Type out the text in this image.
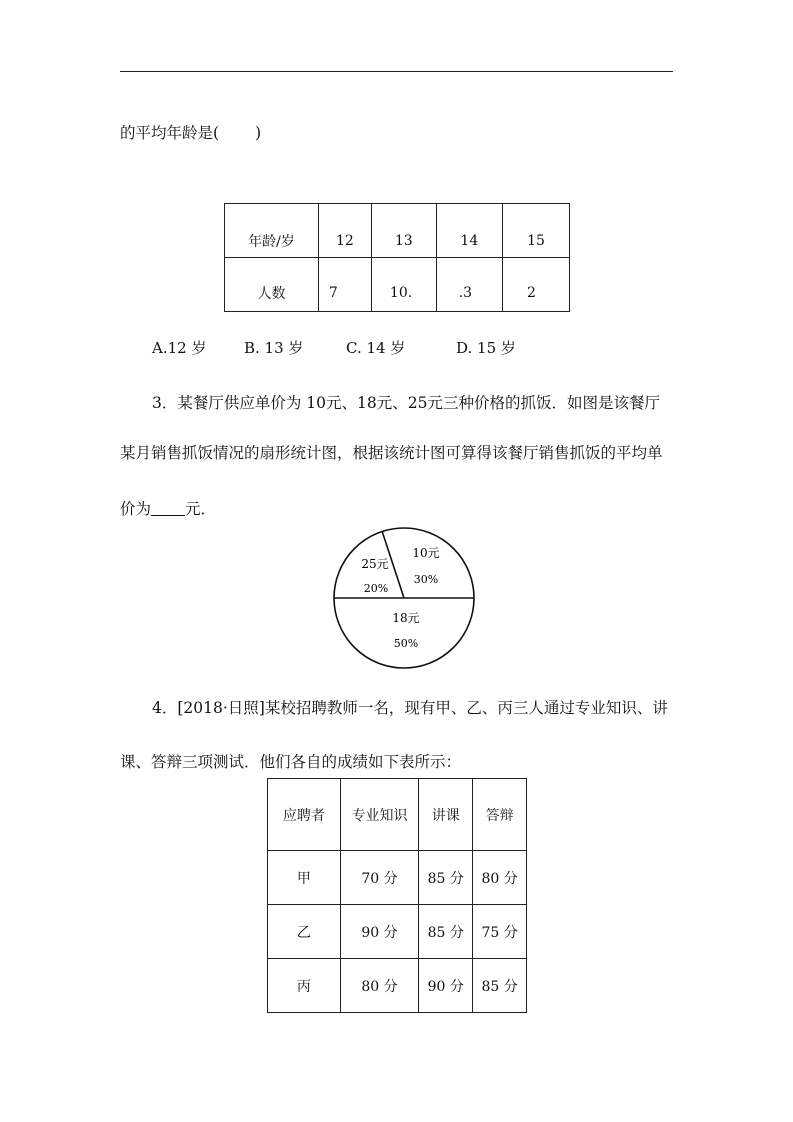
的平均年龄是( )
年龄/岁	12	13	14	15
人数	7	10.	.3	2
A.12 岁	B. 13 岁	C. 14 岁	D. 15 岁
3．某餐厅供应单价为 10元、18元、25元三种价格的抓饭．如图是该餐厅
某月销售抓饭情况的扇形统计图，根据该统计图可算得该餐厅销售抓饭的平均单
价为 元．
10元
30%
25元
20%
18元
50%
4．[2018·日照]某校招聘教师一名，现有甲、乙、丙三人通过专业知识、讲
课、答辩三项测试．他们各自的成绩如下表所示：
应聘者	专业知识	讲课	答辩
甲	70 分	85 分	80 分
乙	90 分	85 分	75 分
丙	80 分	90 分	85 分
